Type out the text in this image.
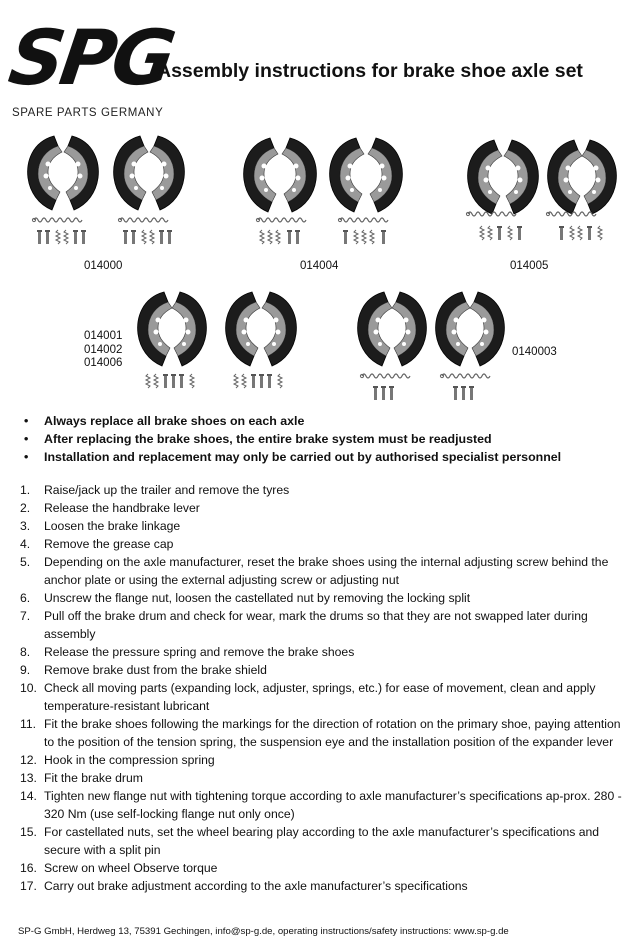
SPG
SPARE PARTS GERMANY
Assembly instructions for brake shoe axle set
014000	014004	014005
014001
014002
014006
0140003
• Always replace all brake shoes on each axle
• After replacing the brake shoes, the entire brake system must be readjusted
• Installation and replacement may only be carried out by authorised specialist personnel
1. Raise/jack up the trailer and remove the tyres
2. Release the handbrake lever
3. Loosen the brake linkage
4. Remove the grease cap
5. Depending on the axle manufacturer, reset the brake shoes using the internal adjusting screw behind the anchor plate or using the external adjusting screw or adjusting nut
6. Unscrew the flange nut, loosen the castellated nut by removing the locking split
7. Pull off the brake drum and check for wear, mark the drums so that they are not swapped later during assembly
8. Release the pressure spring and remove the brake shoes
9. Remove brake dust from the brake shield
10. Check all moving parts (expanding lock, adjuster, springs, etc.) for ease of movement, clean and apply temperature-resistant lubricant
11. Fit the brake shoes following the markings for the direction of rotation on the primary shoe, paying attention to the position of the tension spring, the suspension eye and the installation position of the expander lever
12. Hook in the compression spring
13. Fit the brake drum
14. Tighten new flange nut with tightening torque according to axle manufacturer’s specifications ap-prox. 280 - 320 Nm (use self-locking flange nut only once)
15. For castellated nuts, set the wheel bearing play according to the axle manufacturer’s specifications and secure with a split pin
16. Screw on wheel Observe torque
17. Carry out brake adjustment according to the axle manufacturer’s specifications
SP-G GmbH, Herdweg 13, 75391 Gechingen, info@sp-g.de, operating instructions/safety instructions: www.sp-g.de
